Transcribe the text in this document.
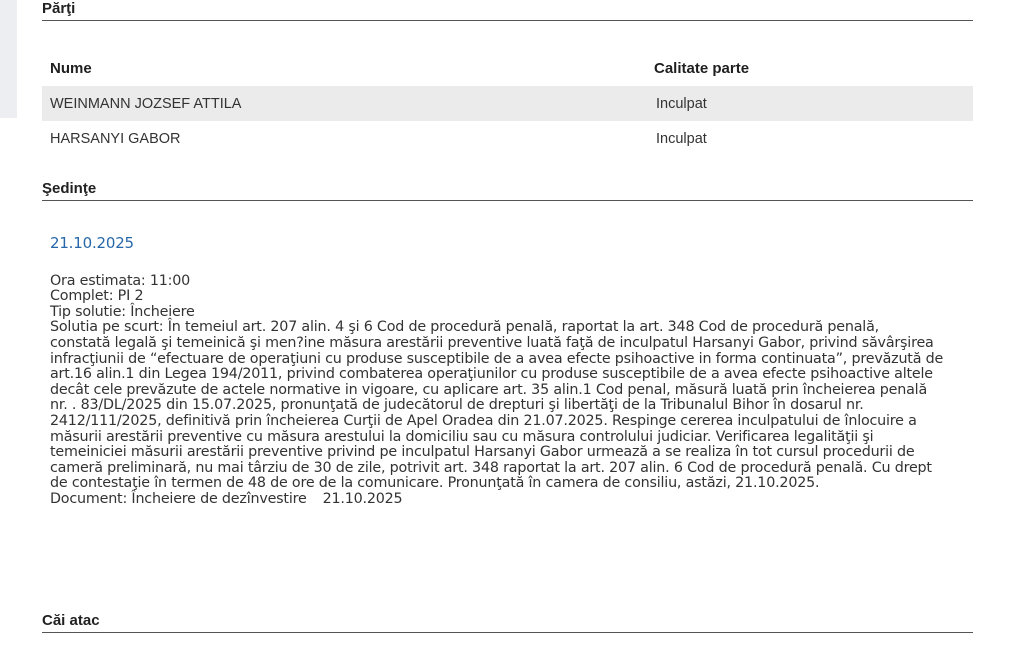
Părţi
Nume	Calitate parte
WEINMANN JOZSEF ATTILA	Inculpat
HARSANYI GABOR	Inculpat
Şedinţe
21.10.2025
Ora estimata: 11:00
Complet: PI 2
Tip solutie: Încheiere
Solutia pe scurt: În temeiul art. 207 alin. 4 şi 6 Cod de procedură penală, raportat la art. 348 Cod de procedură penală,
constată legală şi temeinică şi men?ine măsura arestării preventive luată faţă de inculpatul Harsanyi Gabor, privind săvârşirea
infracţiunii de “efectuare de operaţiuni cu produse susceptibile de a avea efecte psihoactive in forma continuata”, prevăzută de
art.16 alin.1 din Legea 194/2011, privind combaterea operaţiunilor cu produse susceptibile de a avea efecte psihoactive altele
decât cele prevăzute de actele normative in vigoare, cu aplicare art. 35 alin.1 Cod penal, măsură luată prin încheierea penală
nr. . 83/DL/2025 din 15.07.2025, pronunţată de judecătorul de drepturi şi libertăţi de la Tribunalul Bihor în dosarul nr.
2412/111/2025, definitivă prin încheierea Curţii de Apel Oradea din 21.07.2025. Respinge cererea inculpatului de înlocuire a
măsurii arestării preventive cu măsura arestului la domiciliu sau cu măsura controlului judiciar. Verificarea legalităţii şi
temeiniciei măsurii arestării preventive privind pe inculpatul Harsanyi Gabor urmează a se realiza în tot cursul procedurii de
cameră preliminară, nu mai târziu de 30 de zile, potrivit art. 348 raportat la art. 207 alin. 6 Cod de procedură penală. Cu drept
de contestaţie în termen de 48 de ore de la comunicare. Pronunţată în camera de consiliu, astăzi, 21.10.2025.
Document: Încheiere de dezînvestire 21.10.2025
Căi atac
